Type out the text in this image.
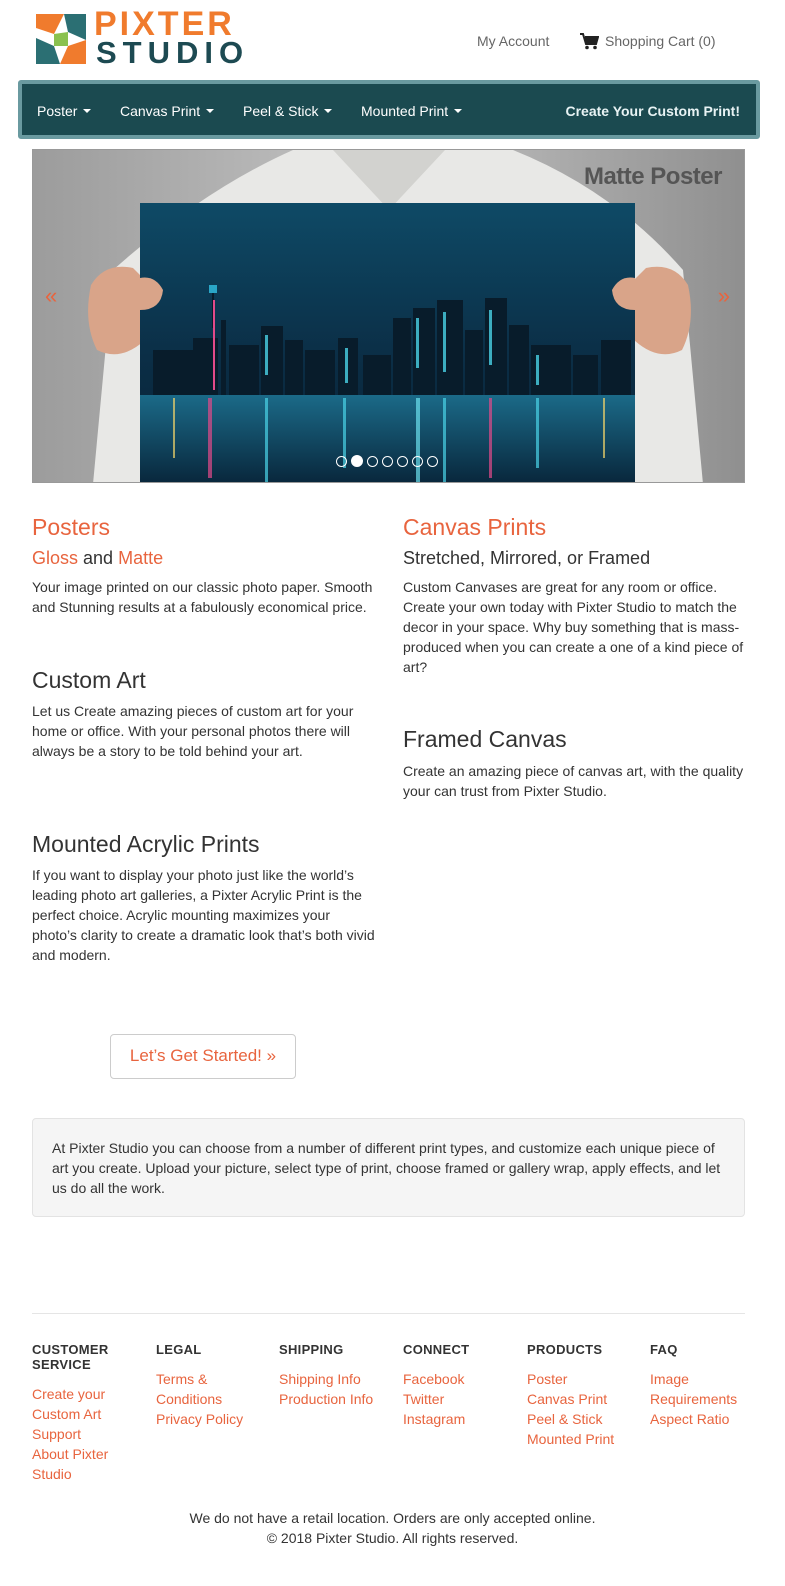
PIXTER
STUDIO	My Account	Shopping Cart (0)
Poster	Canvas Print	Peel & Stick	Mounted Print	Create Your Custom Print!
Matte Poster
«	»
Posters
Gloss and Matte

Your image printed on our classic photo paper. Smooth and Stunning results at a fabulously economical price.

Custom Art

Let us Create amazing pieces of custom art for your home or office. With your personal photos there will always be a story to be told behind your art.

Mounted Acrylic Prints

If you want to display your photo just like the world’s leading photo art galleries, a Pixter Acrylic Print is the perfect choice. Acrylic mounting maximizes your photo’s clarity to create a dramatic look that’s both vivid and modern.

Canvas Prints
Stretched, Mirrored, or Framed

Custom Canvases are great for any room or office. Create your own today with Pixter Studio to match the decor in your space. Why buy something that is mass-produced when you can create a one of a kind piece of art?

Framed Canvas

Create an amazing piece of canvas art, with the quality your can trust from Pixter Studio.

Let’s Get Started! »
At Pixter Studio you can choose from a number of different print types, and customize each unique piece of art you create. Upload your picture, select type of print, choose framed or gallery wrap, apply effects, and let us do all the work.
CUSTOMER SERVICE
Create your Custom Art
Support
About Pixter Studio
LEGAL
Terms & Conditions
Privacy Policy
SHIPPING
Shipping Info
Production Info
CONNECT
Facebook
Twitter
Instagram
PRODUCTS
Poster
Canvas Print
Peel & Stick
Mounted Print
FAQ
Image Requirements
Aspect Ratio
We do not have a retail location. Orders are only accepted online.
© 2018 Pixter Studio. All rights reserved.
